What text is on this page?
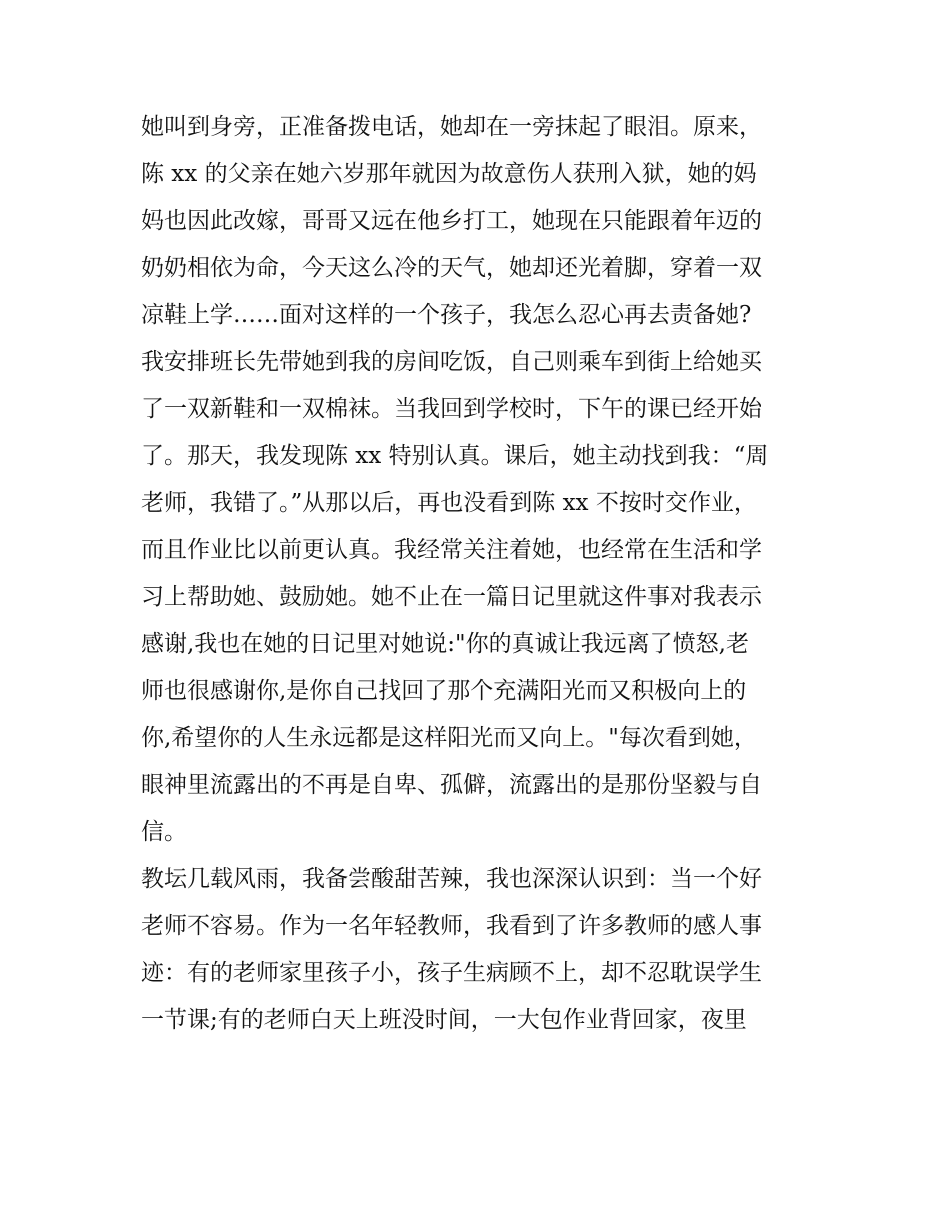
她叫到身旁，正准备拨电话，她却在一旁抹起了眼泪。原来，
陈 xx 的父亲在她六岁那年就因为故意伤人获刑入狱，她的妈
妈也因此改嫁，哥哥又远在他乡打工，她现在只能跟着年迈的
奶奶相依为命，今天这么冷的天气，她却还光着脚，穿着一双
凉鞋上学……面对这样的一个孩子，我怎么忍心再去责备她?
我安排班长先带她到我的房间吃饭，自己则乘车到街上给她买
了一双新鞋和一双棉袜。当我回到学校时，下午的课已经开始
了。那天，我发现陈 xx 特别认真。课后，她主动找到我：“周
老师，我错了。”从那以后，再也没看到陈 xx 不按时交作业，
而且作业比以前更认真。我经常关注着她，也经常在生活和学
习上帮助她、鼓励她。她不止在一篇日记里就这件事对我表示
感谢,我也在她的日记里对她说:"你的真诚让我远离了愤怒,老
师也很感谢你,是你自己找回了那个充满阳光而又积极向上的
你,希望你的人生永远都是这样阳光而又向上。"每次看到她，
眼神里流露出的不再是自卑、孤僻，流露出的是那份坚毅与自
信。
教坛几载风雨，我备尝酸甜苦辣，我也深深认识到：当一个好
老师不容易。作为一名年轻教师，我看到了许多教师的感人事
迹：有的老师家里孩子小，孩子生病顾不上，却不忍耽误学生
一节课;有的老师白天上班没时间，一大包作业背回家，夜里
